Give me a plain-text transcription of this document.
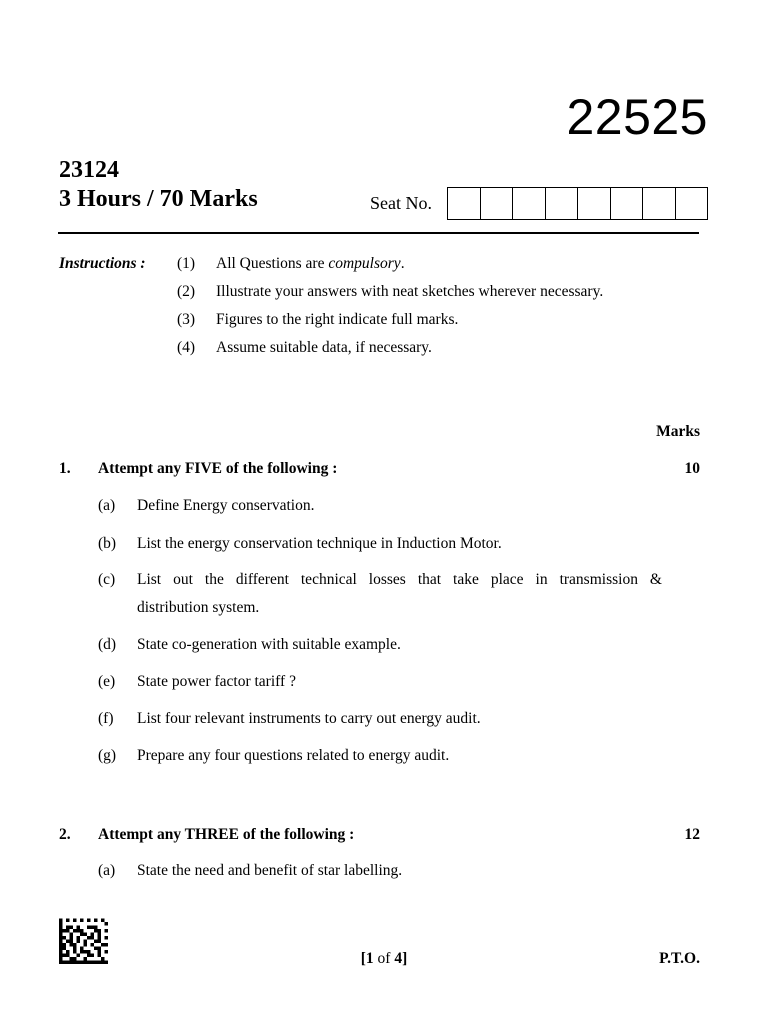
22525
23124
3 Hours / 70 Marks	Seat No.
Instructions : (1) All Questions are compulsory.
(2) Illustrate your answers with neat sketches wherever necessary.
(3) Figures to the right indicate full marks.
(4) Assume suitable data, if necessary.
Marks
1. Attempt any FIVE of the following :	10
(a) Define Energy conservation.
(b) List the energy conservation technique in Induction Motor.
(c) List out the different technical losses that take place in transmission &
distribution system.
(d) State co-generation with suitable example.
(e) State power factor tariff ?
(f) List four relevant instruments to carry out energy audit.
(g) Prepare any four questions related to energy audit.
2. Attempt any THREE of the following :	12
(a) State the need and benefit of star labelling.
[1 of 4]	P.T.O.
